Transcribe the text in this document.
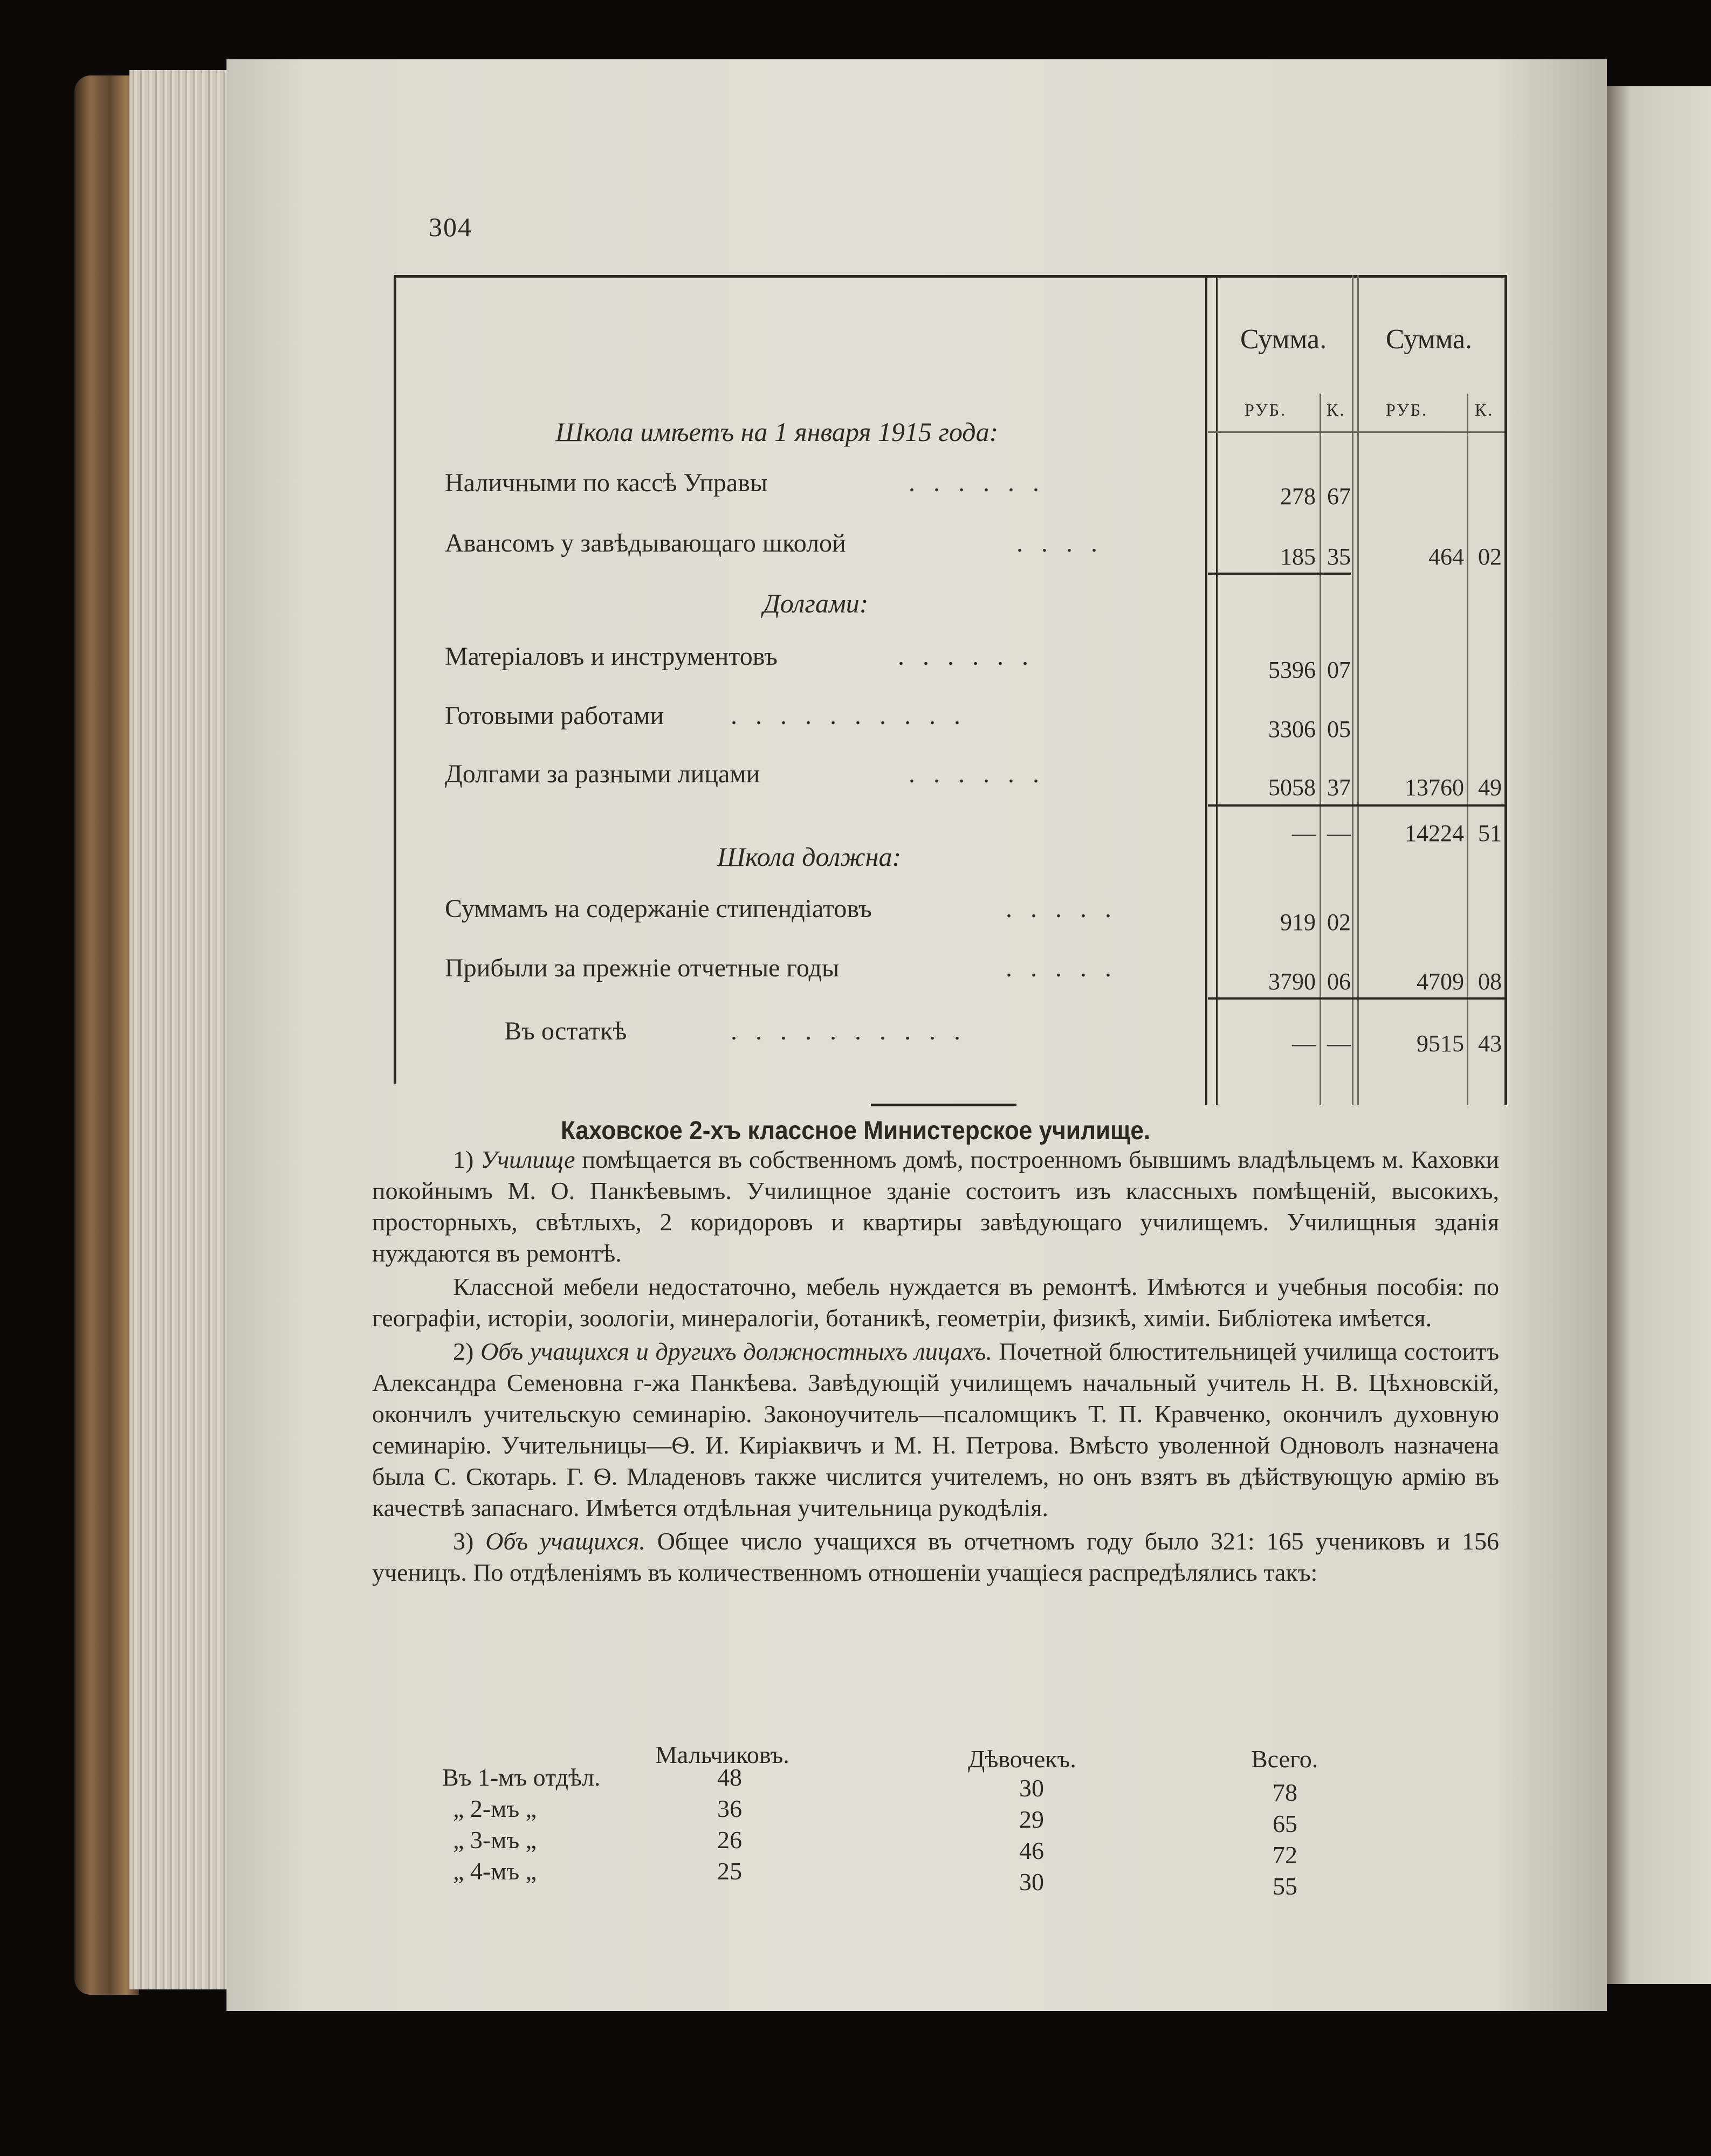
304
Сумма.	Сумма.
РУБ. К. РУБ.	К.
Школа имѣетъ на 1 января 1915 года:
Наличными по кассѣ Управы	......	278 67
Авансомъ у завѣдывающаго школой	....	185 35	464 02
Долгами:
Матеріаловъ и инструментовъ	......	5396 07
Готовыми работами	..........	3306 05
Долгами за разными лицами	......	5058 37	13760 49
— —	14224 51
Школа должна:
Суммамъ на содержаніе стипендіатовъ	.....	919 02
Прибыли за прежніе отчетные годы	.....	3790 06	4709 08
Въ остаткѣ	..........	— —	9515 43
Каховское 2-хъ классное Министерское училище.

1) Училище помѣщается въ собственномъ домѣ, построенномъ бывшимъ владѣльцемъ м. Каховки покойнымъ М. О. Панкѣевымъ. Училищное зданіе состоитъ изъ классныхъ помѣщеній, высокихъ, просторныхъ, свѣтлыхъ, 2 коридоровъ и квартиры завѣдующаго училищемъ. Училищныя зданія нуждаются въ ремонтѣ.

Классной мебели недостаточно, мебель нуждается въ ремонтѣ. Имѣются и учебныя пособія: по географіи, исторіи, зоологіи, минералогіи, ботаникѣ, геометріи, физикѣ, химіи. Библіотека имѣется.

2) Объ учащихся и другихъ должностныхъ лицахъ. Почетной блюстительницей училища состоитъ Александра Семеновна г-жа Панкѣева. Завѣдующій училищемъ начальный учитель Н. В. Цѣхновскій, окончилъ учительскую семинарію. Законоучитель—псаломщикъ Т. П. Кравченко, окончилъ духовную семинарію. Учительницы—Ѳ. И. Киріаквичъ и М. Н. Петрова. Вмѣсто уволенной Одноволъ назначена была С. Скотарь. Г. Ѳ. Младеновъ также числится учителемъ, но онъ взятъ въ дѣйствующую армію въ качествѣ запаснаго. Имѣется отдѣльная учительница рукодѣлія.

3) Объ учащихся. Общее число учащихся въ отчетномъ году было 321: 165 учениковъ и 156 ученицъ. По отдѣленіямъ въ количественномъ отношеніи учащіеся распредѣлялись такъ:

Мальчиковъ.	Дѣвочекъ.	Всего.
Въ 1-мъ отдѣл.	48	30	78
„ 2-мъ „	36	29	65
„ 3-мъ „	26	46	72
„ 4-мъ „	25	30	55
